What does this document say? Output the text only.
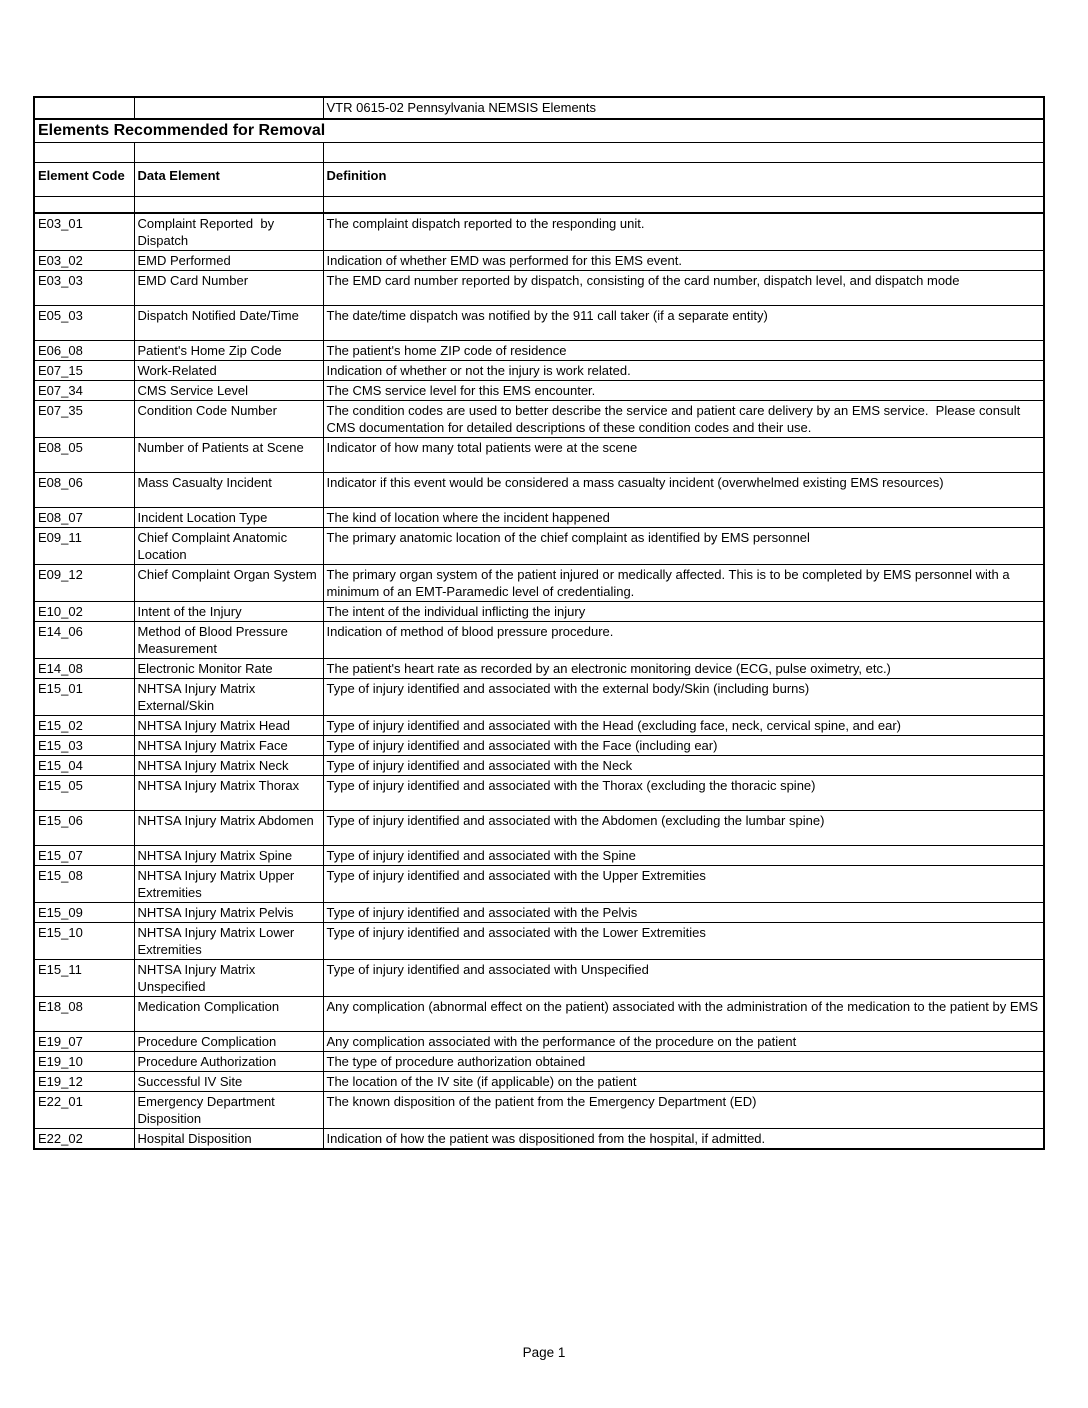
		VTR 0615-02 Pennsylvania NEMSIS Elements
Elements Recommended for Removal		

Element Code	Data Element	Definition

E03_01	Complaint Reported  by Dispatch	The complaint dispatch reported to the responding unit.
E03_02	EMD Performed	Indication of whether EMD was performed for this EMS event.
E03_03	EMD Card Number	The EMD card number reported by dispatch, consisting of the card number, dispatch level, and dispatch mode
E05_03	Dispatch Notified Date/Time	The date/time dispatch was notified by the 911 call taker (if a separate entity)
E06_08	Patient's Home Zip Code	The patient's home ZIP code of residence
E07_15	Work-Related	Indication of whether or not the injury is work related.
E07_34	CMS Service Level	The CMS service level for this EMS encounter.
E07_35	Condition Code Number	The condition codes are used to better describe the service and patient care delivery by an EMS service.  Please consult CMS documentation for detailed descriptions of these condition codes and their use.
E08_05	Number of Patients at Scene	Indicator of how many total patients were at the scene
E08_06	Mass Casualty Incident	Indicator if this event would be considered a mass casualty incident (overwhelmed existing EMS resources)
E08_07	Incident Location Type	The kind of location where the incident happened
E09_11	Chief Complaint Anatomic Location	The primary anatomic location of the chief complaint as identified by EMS personnel
E09_12	Chief Complaint Organ System	The primary organ system of the patient injured or medically affected. This is to be completed by EMS personnel with a minimum of an EMT-Paramedic level of credentialing.
E10_02	Intent of the Injury	The intent of the individual inflicting the injury
E14_06	Method of Blood Pressure Measurement	Indication of method of blood pressure procedure.
E14_08	Electronic Monitor Rate	The patient's heart rate as recorded by an electronic monitoring device (ECG, pulse oximetry, etc.)
E15_01	NHTSA Injury Matrix External/Skin	Type of injury identified and associated with the external body/Skin (including burns)
E15_02	NHTSA Injury Matrix Head	Type of injury identified and associated with the Head (excluding face, neck, cervical spine, and ear)
E15_03	NHTSA Injury Matrix Face	Type of injury identified and associated with the Face (including ear)
E15_04	NHTSA Injury Matrix Neck	Type of injury identified and associated with the Neck
E15_05	NHTSA Injury Matrix Thorax	Type of injury identified and associated with the Thorax (excluding the thoracic spine)
E15_06	NHTSA Injury Matrix Abdomen	Type of injury identified and associated with the Abdomen (excluding the lumbar spine)
E15_07	NHTSA Injury Matrix Spine	Type of injury identified and associated with the Spine
E15_08	NHTSA Injury Matrix Upper Extremities	Type of injury identified and associated with the Upper Extremities
E15_09	NHTSA Injury Matrix Pelvis	Type of injury identified and associated with the Pelvis
E15_10	NHTSA Injury Matrix Lower Extremities	Type of injury identified and associated with the Lower Extremities
E15_11	NHTSA Injury Matrix Unspecified	Type of injury identified and associated with Unspecified
E18_08	Medication Complication	Any complication (abnormal effect on the patient) associated with the administration of the medication to the patient by EMS
E19_07	Procedure Complication	Any complication associated with the performance of the procedure on the patient
E19_10	Procedure Authorization	The type of procedure authorization obtained
E19_12	Successful IV Site	The location of the IV site (if applicable) on the patient
E22_01	Emergency Department Disposition	The known disposition of the patient from the Emergency Department (ED)
E22_02	Hospital Disposition	Indication of how the patient was dispositioned from the hospital, if admitted.
Page 1
